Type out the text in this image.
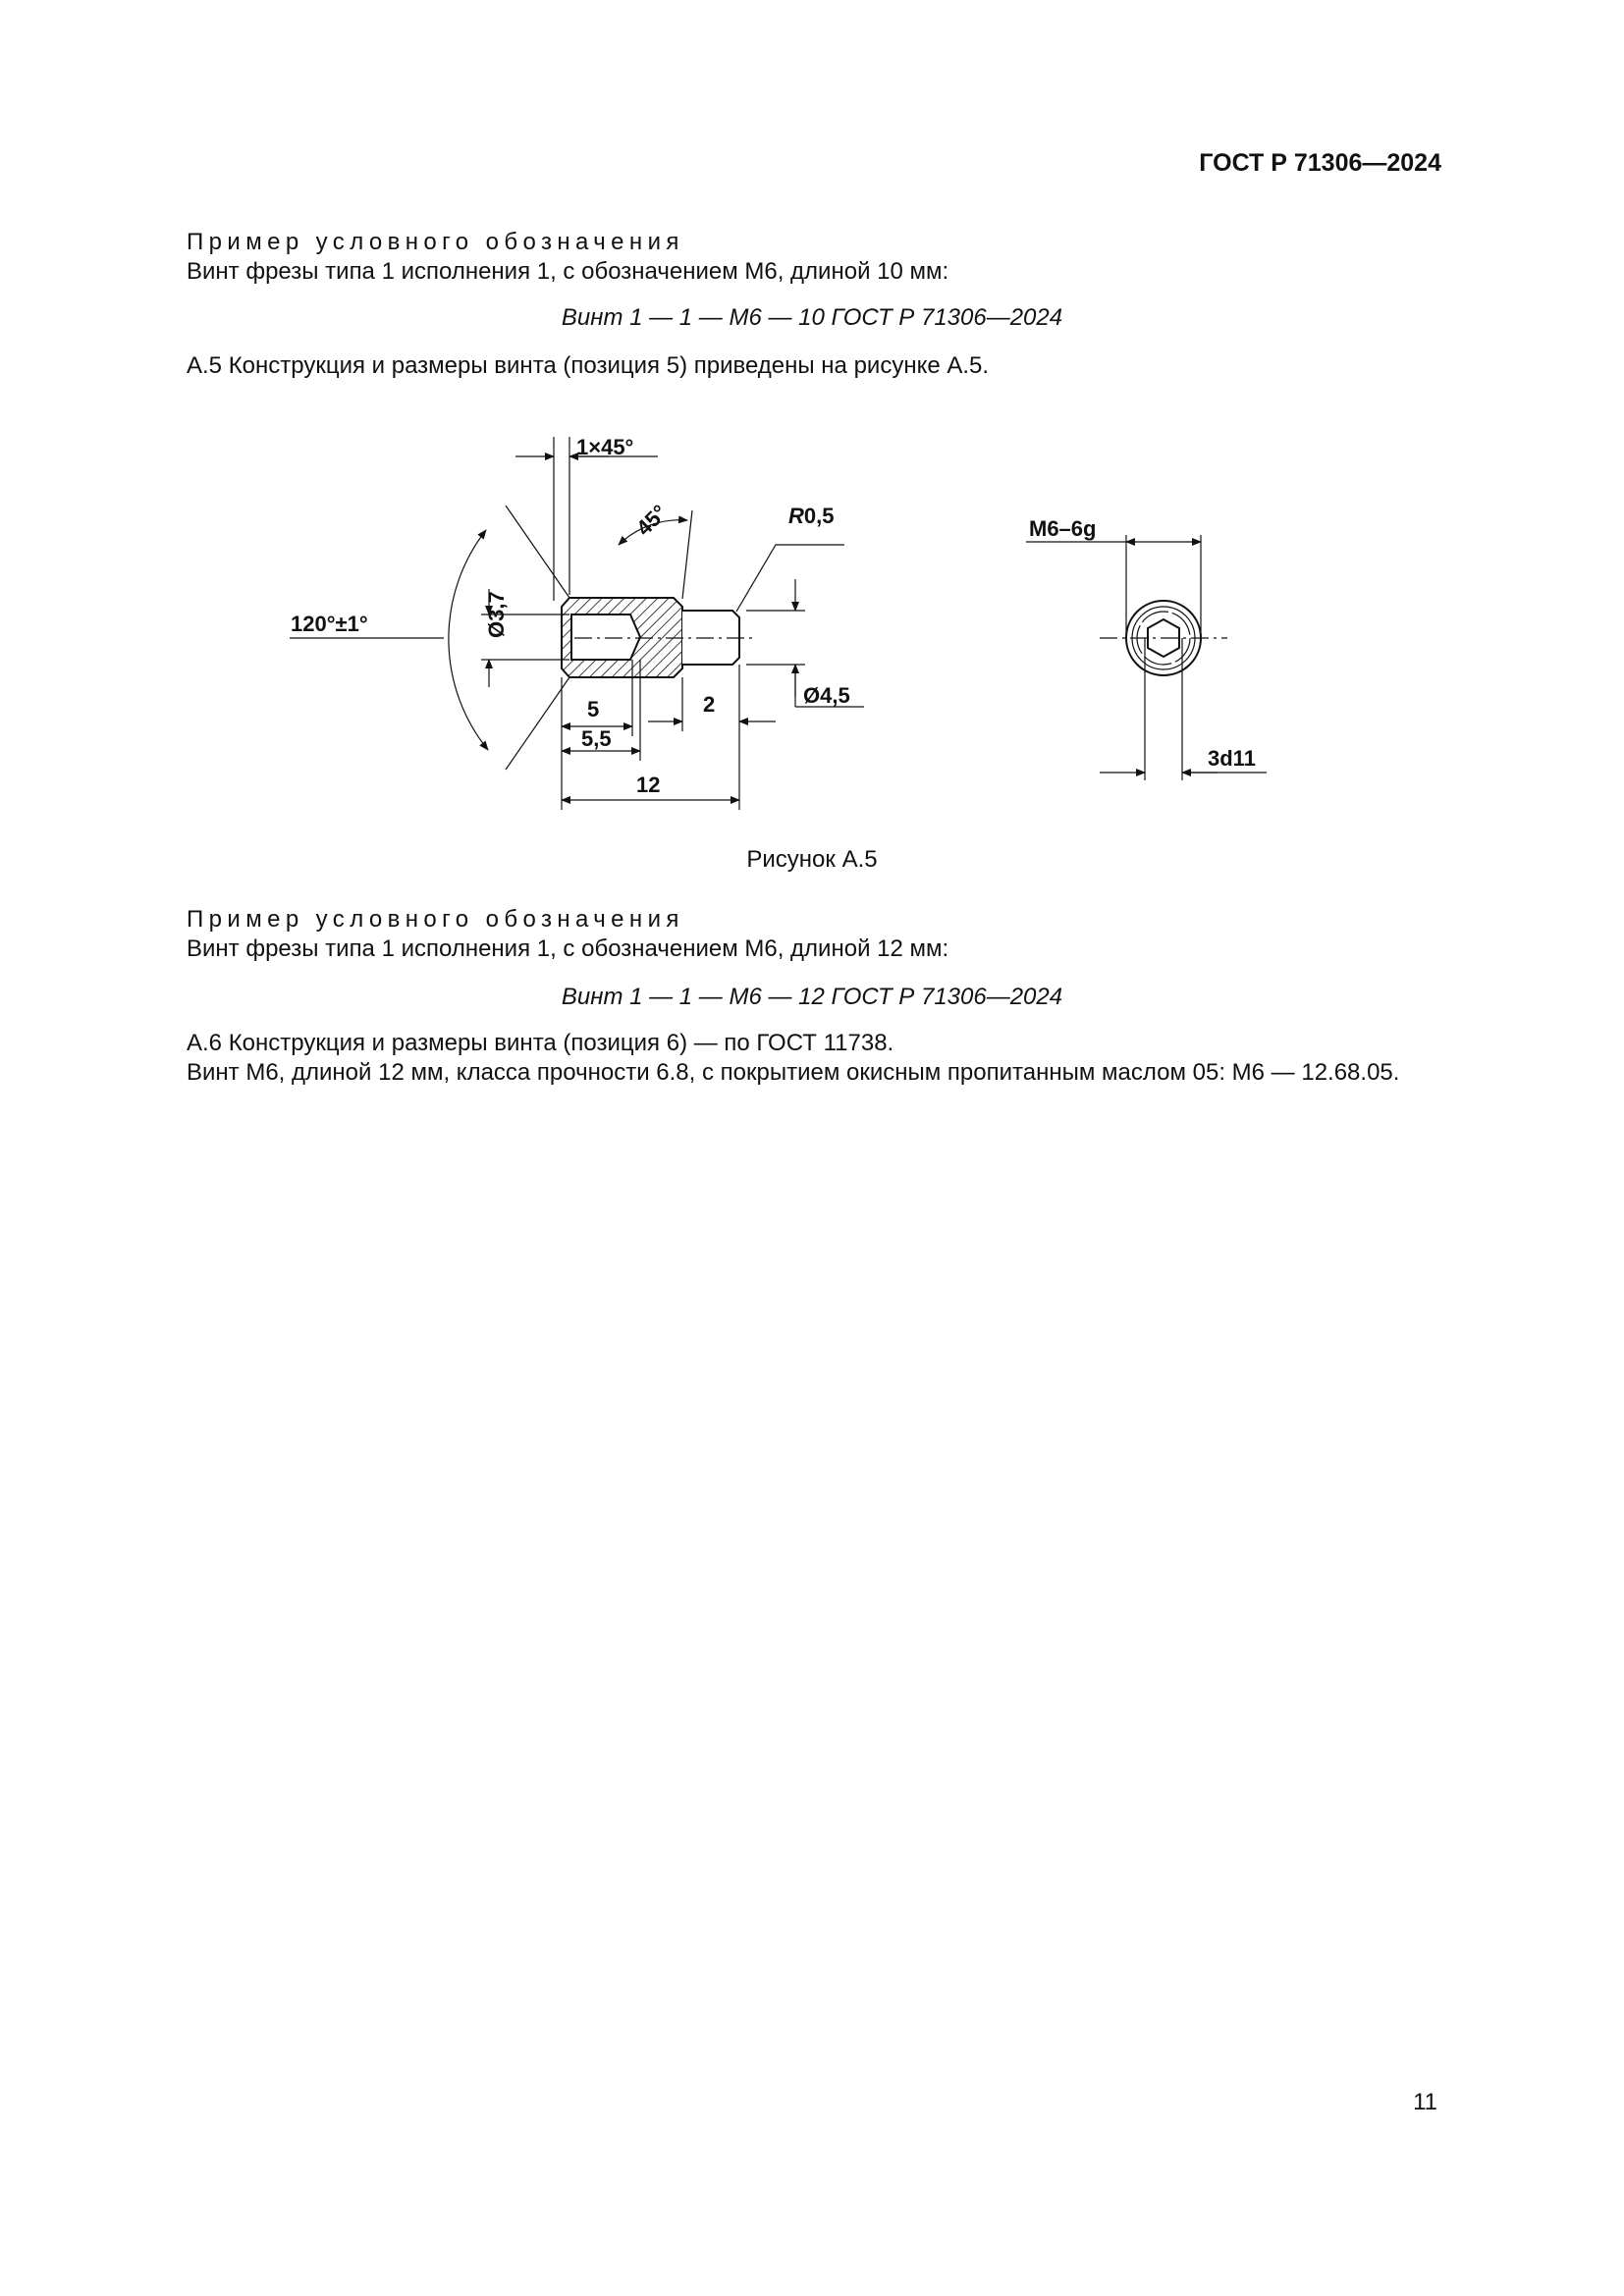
ГОСТ Р 71306—2024
Пример условного обозначения
Винт фрезы типа 1 исполнения 1, с обозначением М6, длиной 10 мм:
Винт 1 — 1 — М6 — 10 ГОСТ Р 71306—2024
А.5 Конструкция и размеры винта (позиция 5) приведены на рисунке А.5.
1×45°
45°	R0,5
120°±1°	Ø3,7
5
5,5
2	Ø4,5
12
M6–6g
3d11
Рисунок А.5
Пример условного обозначения
Винт фрезы типа 1 исполнения 1, с обозначением М6, длиной 12 мм:
Винт 1 — 1 — М6 — 12 ГОСТ Р 71306—2024
А.6 Конструкция и размеры винта (позиция 6) — по ГОСТ 11738.
Винт М6, длиной 12 мм, класса прочности 6.8, с покрытием окисным пропитанным маслом 05: М6 — 12.68.05.
11
